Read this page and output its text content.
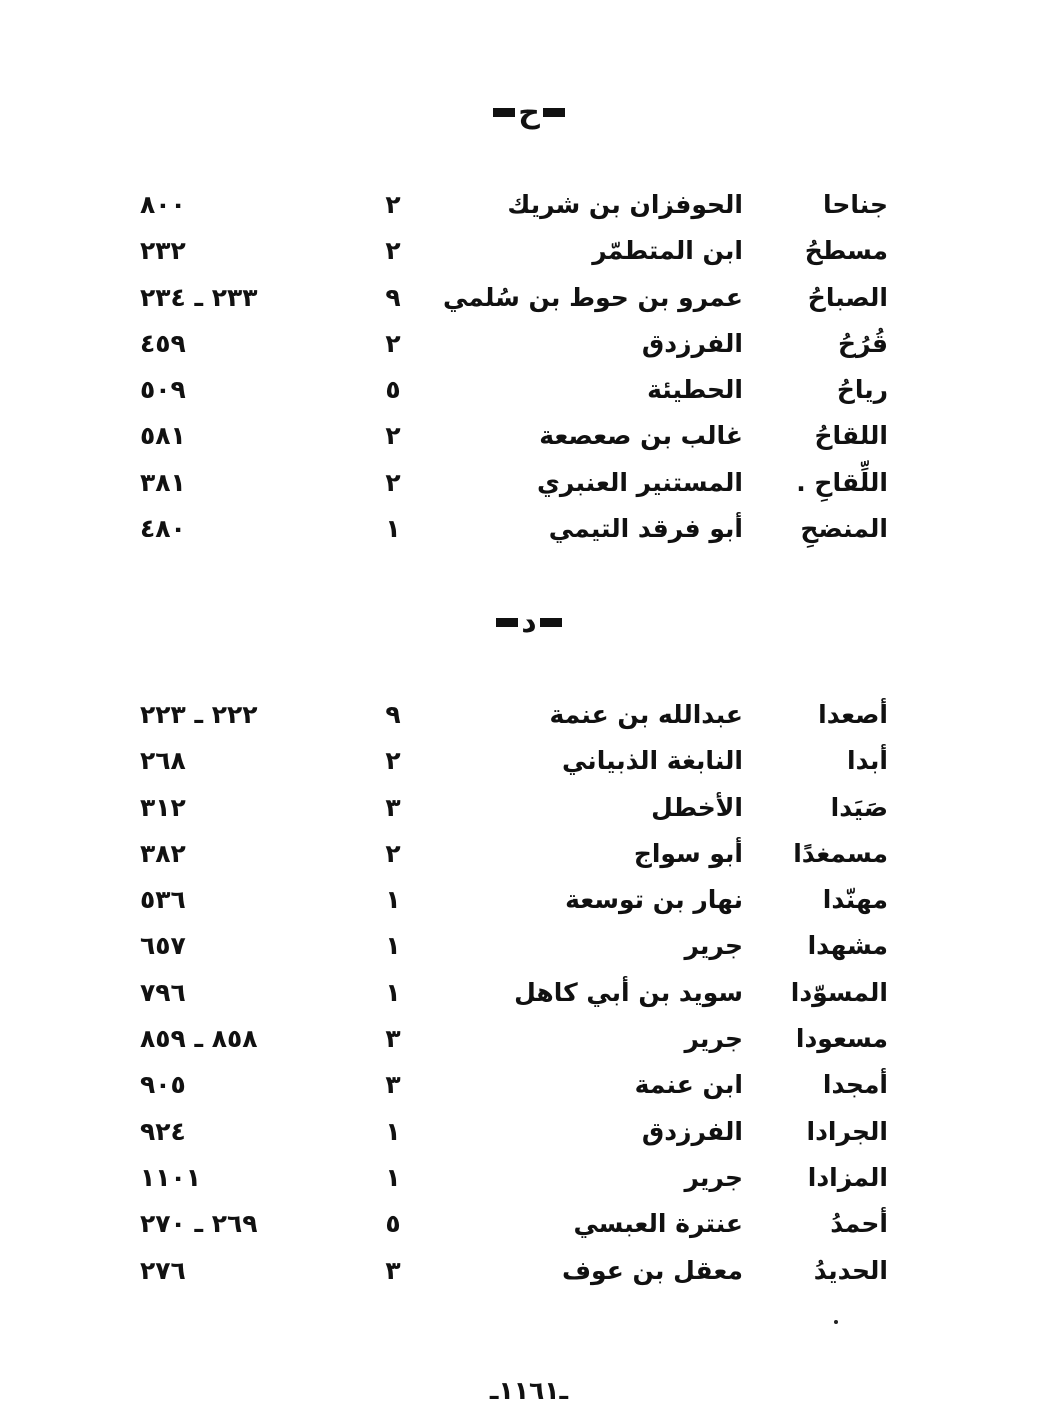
ح
جناحا
الحوفزان بن شريك
٢
٨٠٠
مسطحُ
ابن المتطمّر
٢
٢٣٢
الصباحُ
عمرو بن حوط بن سُلمي
٩
٢٣٣ ـ ٢٣٤
قُرُحُ
الفرزدق
٢
٤٥٩
رياحُ
الحطيئة
٥
٥٠٩
اللقاحُ
غالب بن صعصعة
٢
٥٨١
اللِّقاحِ .
المستنير العنبري
٢
٣٨١
المنضحِ
أبو فرقد التيمي
١
٤٨٠
د
أصعدا
عبدالله بن عنمة
٩
٢٢٢ ـ ٢٢٣
أبدا
النابغة الذبياني
٢
٢٦٨
صَيَدا
الأخطل
٣
٣١٢
مسمغدًا
أبو سواج
٢
٣٨٢
مهنّدا
نهار بن توسعة
١
٥٣٦
مشهدا
جرير
١
٦٥٧
المسوّدا
سويد بن أبي كاهل
١
٧٩٦
مسعودا
جرير
٣
٨٥٨ ـ ٨٥٩
أمجدا
ابن عنمة
٣
٩٠٥
الجرادا
الفرزدق
١
٩٢٤
المزادا
جرير
١
١١٠١
أحمدُ
عنترة العبسي
٥
٢٦٩ ـ ٢٧٠
الحديدُ
معقل بن عوف
٣
٢٧٦
ـ١١٦١ـ
